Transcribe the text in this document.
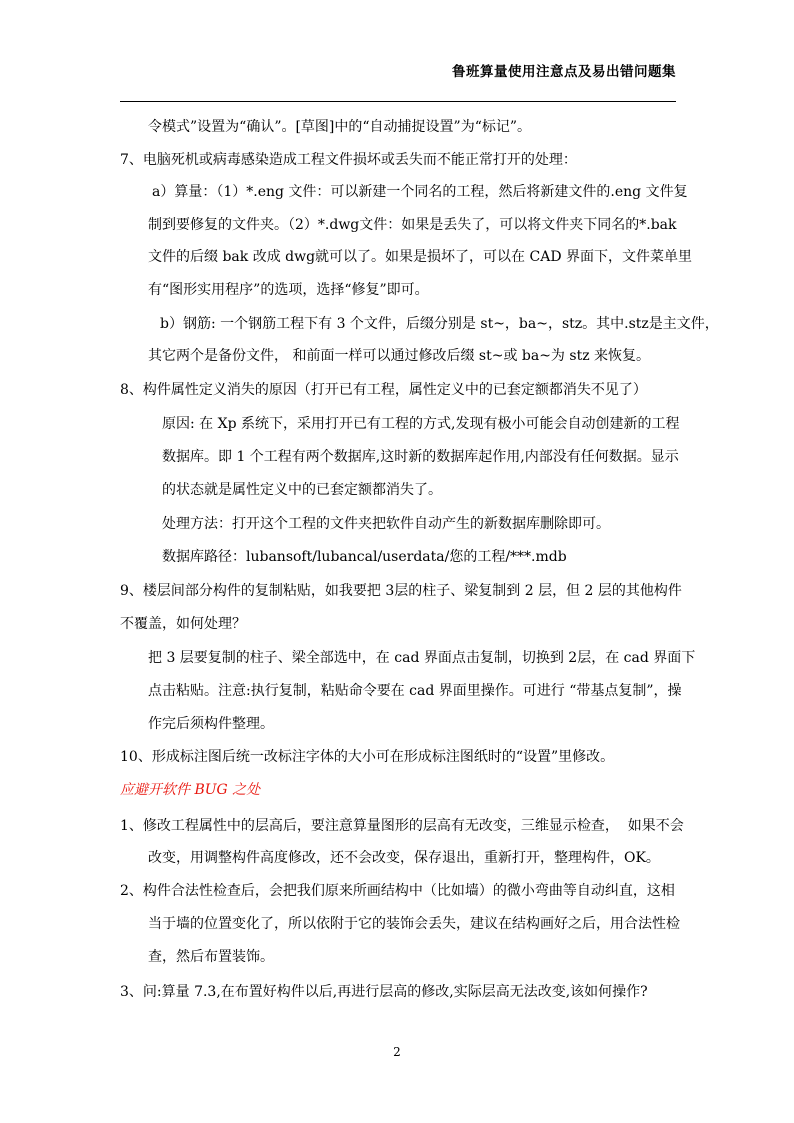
鲁班算量使用注意点及易出错问题集

令模式”设置为“确认”。[草图]中的“自动捕捉设置”为“标记”。

7、电脑死机或病毒感染造成工程文件损坏或丢失而不能正常打开的处理：

a）算量：（1）*.eng 文件：可以新建一个同名的工程，然后将新建文件的.eng 文件复

制到要修复的文件夹。（2）*.dwg文件：如果是丢失了，可以将文件夹下同名的*.bak

文件的后缀 bak 改成 dwg就可以了。如果是损坏了，可以在 CAD 界面下，文件菜单里

有“图形实用程序”的选项，选择“修复”即可。

b）钢筋: 一个钢筋工程下有 3 个文件，后缀分别是 st~，ba~，stz。其中.stz是主文件，

其它两个是备份文件， 和前面一样可以通过修改后缀 st~或 ba~为 stz 来恢复。

8、构件属性定义消失的原因（打开已有工程，属性定义中的已套定额都消失不见了）

原因: 在 Xp 系统下，采用打开已有工程的方式,发现有极小可能会自动创建新的工程

数据库。即 1 个工程有两个数据库,这时新的数据库起作用,内部没有任何数据。显示

的状态就是属性定义中的已套定额都消失了。

处理方法：打开这个工程的文件夹把软件自动产生的新数据库删除即可。

数据库路径：lubansoft/lubancal/userdata/您的工程/***.mdb

9、楼层间部分构件的复制粘贴，如我要把 3层的柱子、梁复制到 2 层，但 2 层的其他构件

不覆盖，如何处理？

把 3 层要复制的柱子、梁全部选中，在 cad 界面点击复制，切换到 2层，在 cad 界面下

点击粘贴。注意:执行复制，粘贴命令要在 cad 界面里操作。可进行 “带基点复制”，操

作完后须构件整理。

10、形成标注图后统一改标注字体的大小可在形成标注图纸时的“设置”里修改。

应避开软件 BUG 之处

1、修改工程属性中的层高后，要注意算量图形的层高有无改变，三维显示检查，  如果不会

改变，用调整构件高度修改，还不会改变，保存退出，重新打开，整理构件，OK。

2、构件合法性检查后，会把我们原来所画结构中（比如墙）的微小弯曲等自动纠直，这相

当于墙的位置变化了，所以依附于它的装饰会丢失，建议在结构画好之后，用合法性检

查，然后布置装饰。

3、问:算量 7.3,在布置好构件以后,再进行层高的修改,实际层高无法改变,该如何操作?

2
